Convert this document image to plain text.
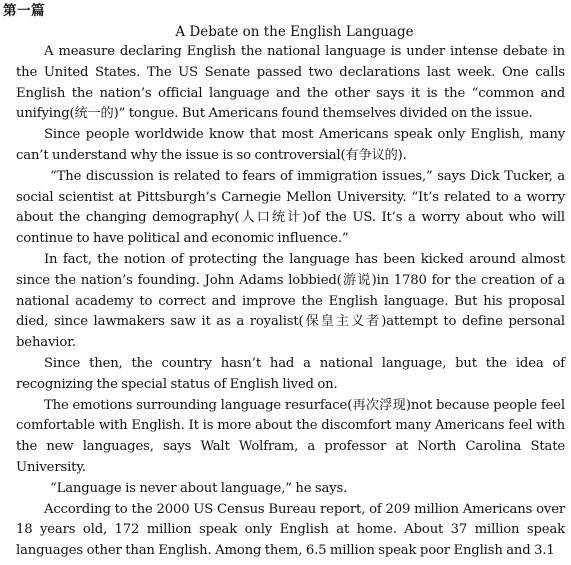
第一篇
A Debate on the English Language

A measure declaring English the national language is under intense debate in the United States. The US Senate passed two declarations last week. One calls English the nation’s official language and the other says it is the “common and unifying(统一的)” tongue. But Americans found themselves divided on the issue.

Since people worldwide know that most Americans speak only English, many can’t understand why the issue is so controversial(有争议的).

“The discussion is related to fears of immigration issues,” says Dick Tucker, a social scientist at Pittsburgh’s Carnegie Mellon University. “It’s related to a worry about the changing demography(人口统计)of the US. It’s a worry about who will continue to have political and economic influence.”

In fact, the notion of protecting the language has been kicked around almost since the nation’s founding. John Adams lobbied(游说)in 1780 for the creation of a national academy to correct and improve the English language. But his proposal died, since lawmakers saw it as a royalist(保皇主义者)attempt to define personal behavior.

Since then, the country hasn’t had a national language, but the idea of recognizing the special status of English lived on.

The emotions surrounding language resurface(再次浮现)not because people feel comfortable with English. It is more about the discomfort many Americans feel with the new languages, says Walt Wolfram, a professor at North Carolina State University.

“Language is never about language,” he says.

According to the 2000 US Census Bureau report, of 209 million Americans over 18 years old, 172 million speak only English at home. About 37 million speak languages other than English. Among them, 6.5 million speak poor English and 3.1
